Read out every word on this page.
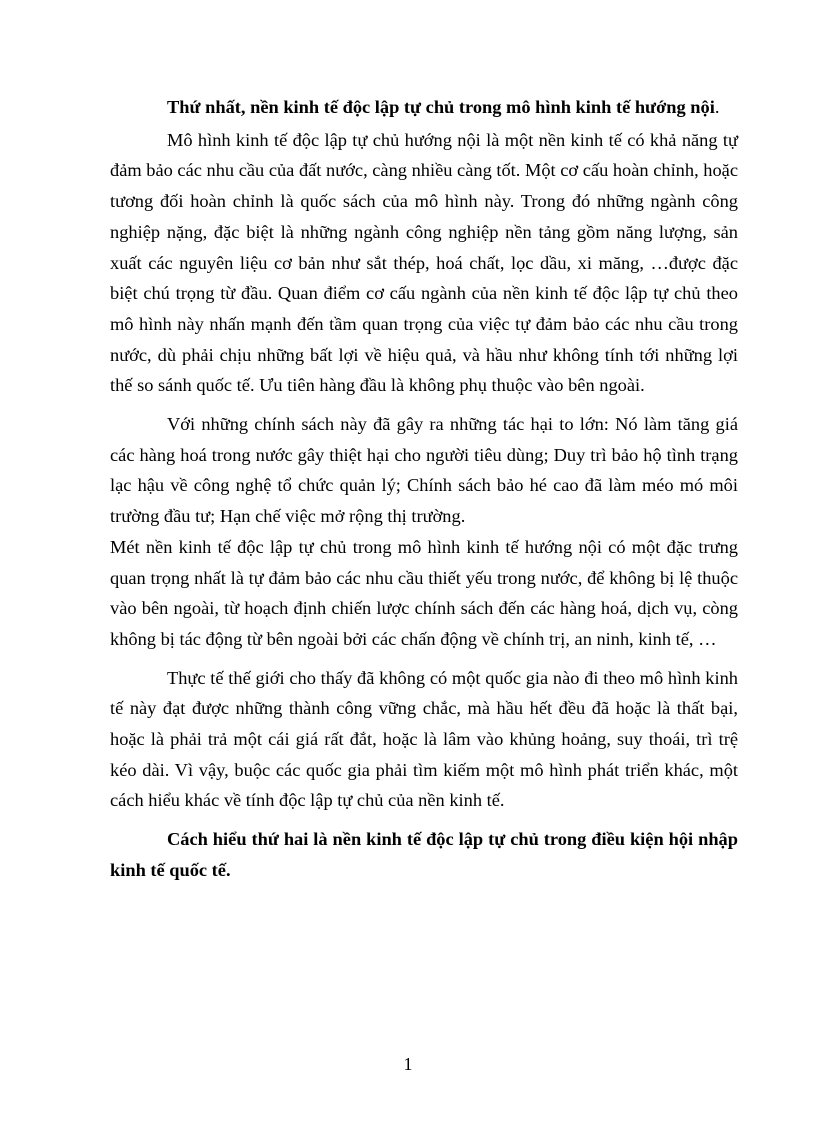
Thứ nhất, nền kinh tế độc lập tự chủ trong mô hình kinh tế hướng nội.

Mô hình kinh tế độc lập tự chủ hướng nội là một nền kinh tế có khả năng tự đảm bảo các nhu cầu của đất nước, càng nhiều càng tốt. Một cơ cấu hoàn chỉnh, hoặc tương đối hoàn chỉnh là quốc sách của mô hình này. Trong đó những ngành công nghiệp nặng, đặc biệt là những ngành công nghiệp nền tảng gồm năng lượng, sản xuất các nguyên liệu cơ bản như sắt thép, hoá chất, lọc dầu, xi măng, …được đặc biệt chú trọng từ đầu. Quan điểm cơ cấu ngành của nền kinh tế độc lập tự chủ theo mô hình này nhấn mạnh đến tầm quan trọng của việc tự đảm bảo các nhu cầu trong nước, dù phải chịu những bất lợi về hiệu quả, và hầu như không tính tới những lợi thế so sánh quốc tế. Ưu tiên hàng đầu là không phụ thuộc vào bên ngoài.

Với những chính sách này đã gây ra những tác hại to lớn: Nó làm tăng giá các hàng hoá trong nước gây thiệt hại cho người tiêu dùng; Duy trì bảo hộ tình trạng lạc hậu về công nghệ tổ chức quản lý; Chính sách bảo hé cao đã làm méo mó môi trường đầu tư; Hạn chế việc mở rộng thị trường.

Mét nền kinh tế độc lập tự chủ trong mô hình kinh tế hướng nội có một đặc trưng quan trọng nhất là tự đảm bảo các nhu cầu thiết yếu trong nước, để không bị lệ thuộc vào bên ngoài, từ hoạch định chiến lược chính sách đến các hàng hoá, dịch vụ, còng không bị tác động từ bên ngoài bởi các chấn động về chính trị, an ninh, kinh tế, …

Thực tế thế giới cho thấy đã không có một quốc gia nào đi theo mô hình kinh tế này đạt được những thành công vững chắc, mà hầu hết đều đã hoặc là thất bại, hoặc là phải trả một cái giá rất đắt, hoặc là lâm vào khủng hoảng, suy thoái, trì trệ kéo dài. Vì vậy, buộc các quốc gia phải tìm kiếm một mô hình phát triển khác, một cách hiểu khác về tính độc lập tự chủ của nền kinh tế.

Cách hiểu thứ hai là nền kinh tế độc lập tự chủ trong điều kiện hội nhập kinh tế quốc tế.

1
